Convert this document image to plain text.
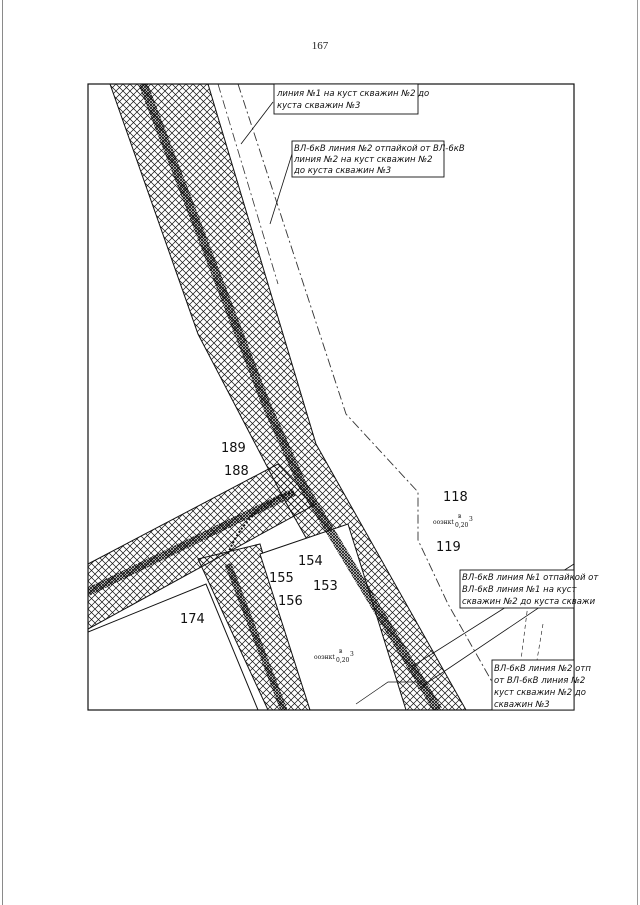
167
линия №1 на куст скважин №2 до
куста скважин №3
ВЛ-6кВ линия №2 отпайкой от ВЛ-6кВ
линия №2 на куст скважин №2
до куста скважин №3
ВЛ-6кВ линия №1 отпайкой от
ВЛ-6кВ линия №1 на куст
скважин №2 до куста скважи
ВЛ-6кВ линия №2 отп
от ВЛ-6кВ линия №2
куст скважин №2 до
скважин №3
189
188
118
119
154
155
153
156
174
ooэнкt
в
0,20
3
ooэнкt
в
0,20
3
